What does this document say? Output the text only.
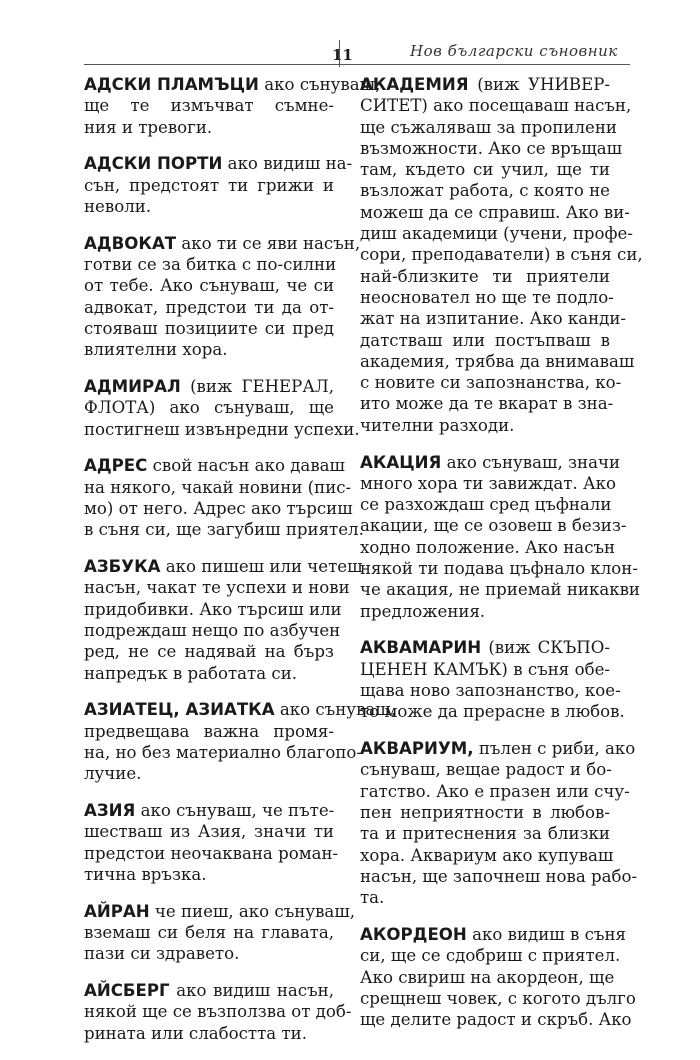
11	Нов български съновник
АДСКИ ПЛАМЪЦИ ако сънуваш,
ще те измъчват съмне-
ния и тревоги.
АДСКИ ПОРТИ ако видиш на-
сън, предстоят ти грижи и
неволи.
АДВОКАТ ако ти се яви насън,
готви се за битка с по-силни
от тебе. Ако сънуваш, че си
адвокат, предстои ти да от-
стояваш позициите си пред
влиятелни хора.
АДМИРАЛ (виж ГЕНЕРАЛ,
ФЛОТА) ако сънуваш, ще
постигнеш извънредни успехи.
АДРЕС свой насън ако даваш
на някого, чакай новини (пис-
мо) от него. Адрес ако търсиш
в съня си, ще загубиш приятел.
АЗБУКА ако пишеш или четеш
насън, чакат те успехи и нови
придобивки. Ако търсиш или
подреждаш нещо по азбучен
ред, не се надявай на бърз
напредък в работата си.
АЗИАТЕЦ, АЗИАТКА ако сънуваш,
предвещава важна промя-
на, но без материално благопо-
лучие.
АЗИЯ ако сънуваш, че пъте-
шестваш из Азия, значи ти
предстои неочаквана роман-
тична връзка.
АЙРАН че пиеш, ако сънуваш,
вземаш си беля на главата,
пази си здравето.
АЙСБЕРГ ако видиш насън,
някой ще се възползва от доб-
рината или слабостта ти.
АКАДЕМИЯ (виж УНИВЕР-
СИТЕТ) ако посещаваш насън,
ще съжаляваш за пропилени
възможности. Ако се връщаш
там, където си учил, ще ти
възложат работа, с която не
можеш да се справиш. Ако ви-
диш академици (учени, профе-
сори, преподаватели) в съня си,
най-близките ти приятели
неосновател но ще те подло-
жат на изпитание. Ако канди-
датстваш или постъпваш в
академия, трябва да внимаваш
с новите си запознанства, ко-
ито може да те вкарат в зна-
чителни разходи.
АКАЦИЯ ако сънуваш, значи
много хора ти завиждат. Ако
се разхождаш сред цъфнали
акации, ще се озовеш в безиз-
ходно положение. Ако насън
някой ти подава цъфнало клон-
че акация, не приемай никакви
предложения.
АКВАМАРИН (виж СКЪПО-
ЦЕНЕН КАМЪК) в съня обе-
щава ново запознанство, кое-
то може да прерасне в любов.
АКВАРИУМ, пълен с риби, ако
сънуваш, вещае радост и бо-
гатство. Ако е празен или счу-
пен неприятности в любов-
та и притеснения за близки
хора. Аквариум ако купуваш
насън, ще започнеш нова рабо-
та.
АКОРДЕОН ако видиш в съня
си, ще се сдобриш с приятел.
Ако свириш на акордеон, ще
срещнеш човек, с когото дълго
ще делите радост и скръб. Ако
